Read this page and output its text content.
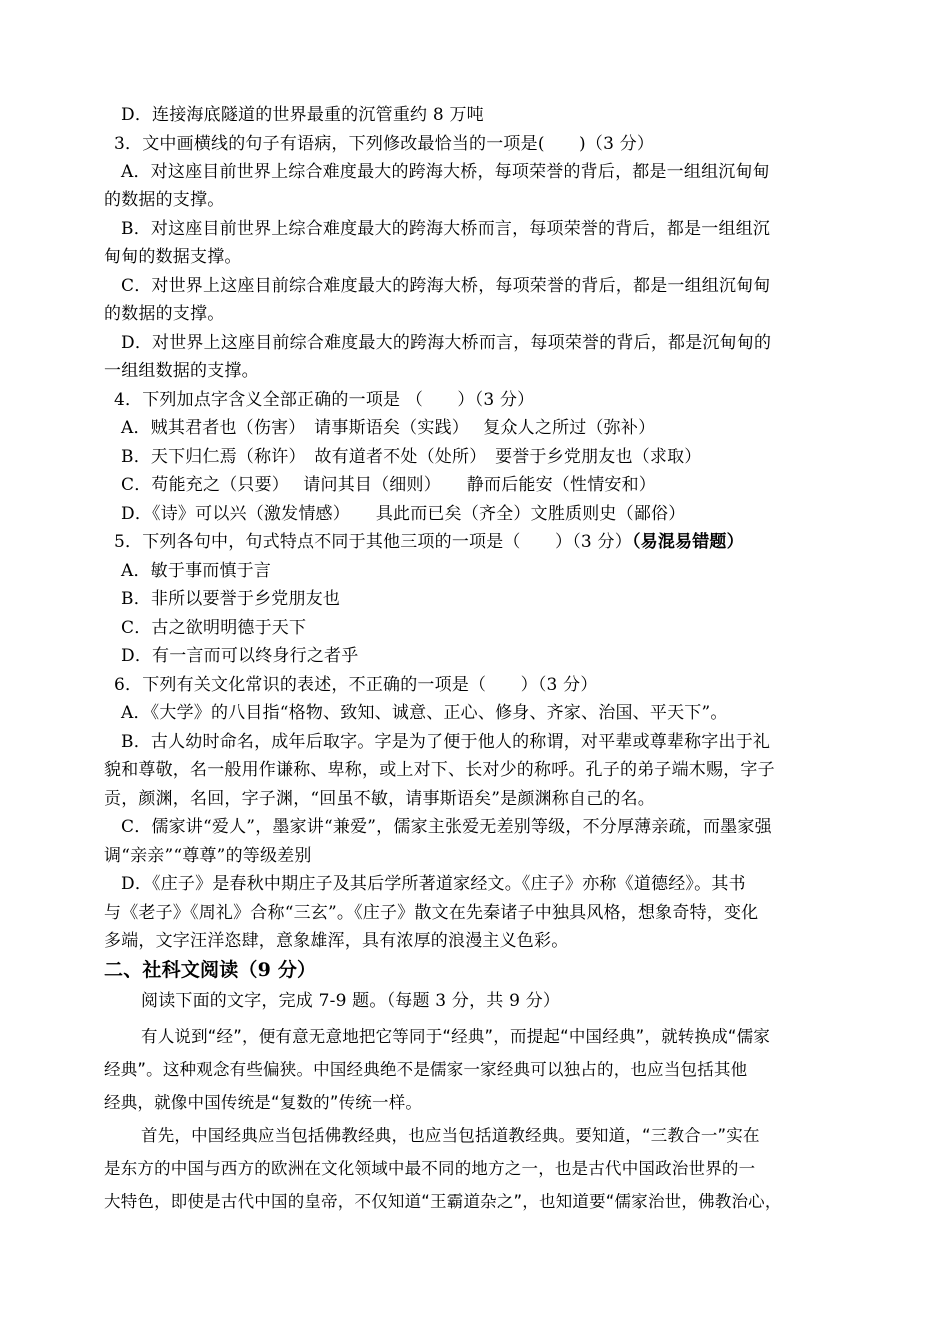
D．连接海底隧道的世界最重的沉管重约 8 万吨
3．文中画横线的句子有语病，下列修改最恰当的一项是(　　)（3 分）
A．对这座目前世界上综合难度最大的跨海大桥，每项荣誉的背后，都是一组组沉甸甸
的数据的支撑。
B．对这座目前世界上综合难度最大的跨海大桥而言，每项荣誉的背后，都是一组组沉
甸甸的数据支撑。
C．对世界上这座目前综合难度最大的跨海大桥，每项荣誉的背后，都是一组组沉甸甸
的数据的支撑。
D．对世界上这座目前综合难度最大的跨海大桥而言，每项荣誉的背后，都是沉甸甸的
一组组数据的支撑。
4．下列加点字含义全部正确的一项是 （　　）（3 分）
A．贼其君者也（伤害）　请事斯语矣（实践）　 复众人之所过（弥补）
B．天下归仁焉（称许）　故有道者不处（处所）　要誉于乡党朋友也（求取）
C．苟能充之（只要）　 请问其目（细则）　　静而后能安（性情安和）
D．《诗》可以兴（激发情感）　　具此而已矣（齐全）文胜质则史（鄙俗）
5．下列各句中，句式特点不同于其他三项的一项是（　　）（3 分）（易混易错题）
A．敏于事而慎于言
B．非所以要誉于乡党朋友也
C．古之欲明明德于天下
D．有一言而可以终身行之者乎
6．下列有关文化常识的表述，不正确的一项是（　　）（3 分）
A．《大学》的八目指“格物、致知、诚意、正心、修身、齐家、治国、平天下”。
B．古人幼时命名，成年后取字。字是为了便于他人的称谓，对平辈或尊辈称字出于礼
貌和尊敬，名一般用作谦称、卑称，或上对下、长对少的称呼。孔子的弟子端木赐，字子
贡，颜渊，名回，字子渊，“回虽不敏，请事斯语矣”是颜渊称自己的名。
C．儒家讲“爱人”，墨家讲“兼爱”，儒家主张爱无差别等级，不分厚薄亲疏，而墨家强
调“亲亲”“尊尊”的等级差别
D．《庄子》是春秋中期庄子及其后学所著道家经文。《庄子》亦称《道德经》。其书
与《老子》《周礼》合称“三玄”。《庄子》散文在先秦诸子中独具风格，想象奇特，变化
多端，文字汪洋恣肆，意象雄浑，具有浓厚的浪漫主义色彩。
二、社科文阅读（9 分）
阅读下面的文字，完成 7-9 题。（每题 3 分，共 9 分）
有人说到“经”，便有意无意地把它等同于“经典”，而提起“中国经典”，就转换成“儒家
经典”。这种观念有些偏狭。中国经典绝不是儒家一家经典可以独占的，也应当包括其他
经典，就像中国传统是“复数的”传统一样。
首先，中国经典应当包括佛教经典，也应当包括道教经典。要知道，“三教合一”实在
是东方的中国与西方的欧洲在文化领域中最不同的地方之一，也是古代中国政治世界的一
大特色，即使是古代中国的皇帝，不仅知道“王霸道杂之”，也知道要“儒家治世，佛教治心，
